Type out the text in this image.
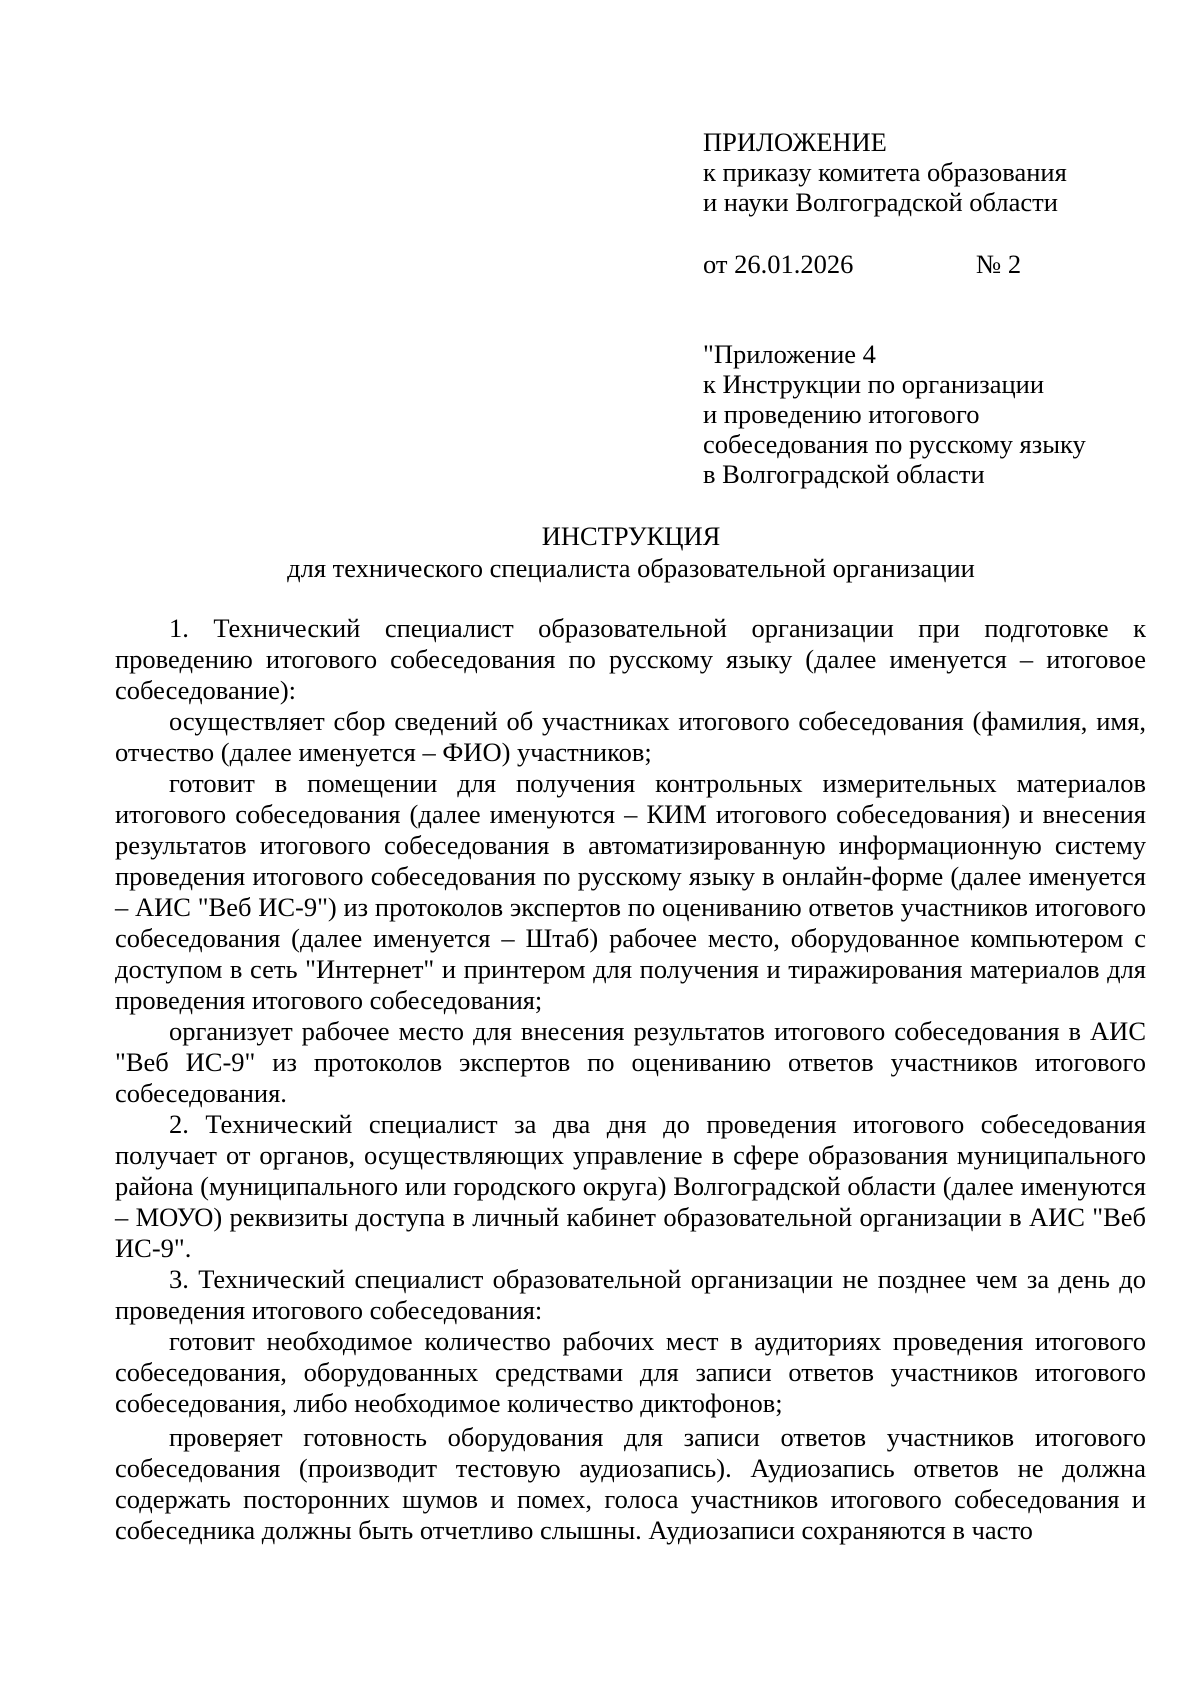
ПРИЛОЖЕНИЕ
к приказу комитета образования
и науки Волгоградской области
от 26.01.2026	№ 2
"Приложение 4
к Инструкции по организации
и проведению итогового
собеседования по русскому языку
в Волгоградской области
ИНСТРУКЦИЯ
для технического специалиста образовательной организации

1. Технический специалист образовательной организации при подготовке к проведению итогового собеседования по русскому языку (далее именуется – итоговое собеседование):

осуществляет сбор сведений об участниках итогового собеседования (фамилия, имя, отчество (далее именуется – ФИО) участников;

готовит в помещении для получения контрольных измерительных материалов итогового собеседования (далее именуются – КИМ итогового собеседования) и внесения результатов итогового собеседования в автоматизированную информационную систему проведения итогового собеседования по русскому языку в онлайн-форме (далее именуется – АИС "Веб ИС-9") из протоколов экспертов по оцениванию ответов участников итогового собеседования (далее именуется – Штаб) рабочее место, оборудованное компьютером с доступом в сеть "Интернет" и принтером для получения и тиражирования материалов для проведения итогового собеседования;

организует рабочее место для внесения результатов итогового собеседования в АИС "Веб ИС-9" из протоколов экспертов по оцениванию ответов участников итогового собеседования.

2. Технический специалист за два дня до проведения итогового собеседования получает от органов, осуществляющих управление в сфере образования муниципального района (муниципального или городского округа) Волгоградской области (далее именуются – МОУО) реквизиты доступа в личный кабинет образовательной организации в АИС "Веб ИС-9".

3. Технический специалист образовательной организации не позднее чем за день до проведения итогового собеседования:

готовит необходимое количество рабочих мест в аудиториях проведения итогового собеседования, оборудованных средствами для записи ответов участников итогового собеседования, либо необходимое количество диктофонов;

проверяет готовность оборудования для записи ответов участников итогового собеседования (производит тестовую аудиозапись). Аудиозапись ответов не должна содержать посторонних шумов и помех, голоса участников итогового собеседования и собеседника должны быть отчетливо слышны. Аудиозаписи сохраняются в часто
